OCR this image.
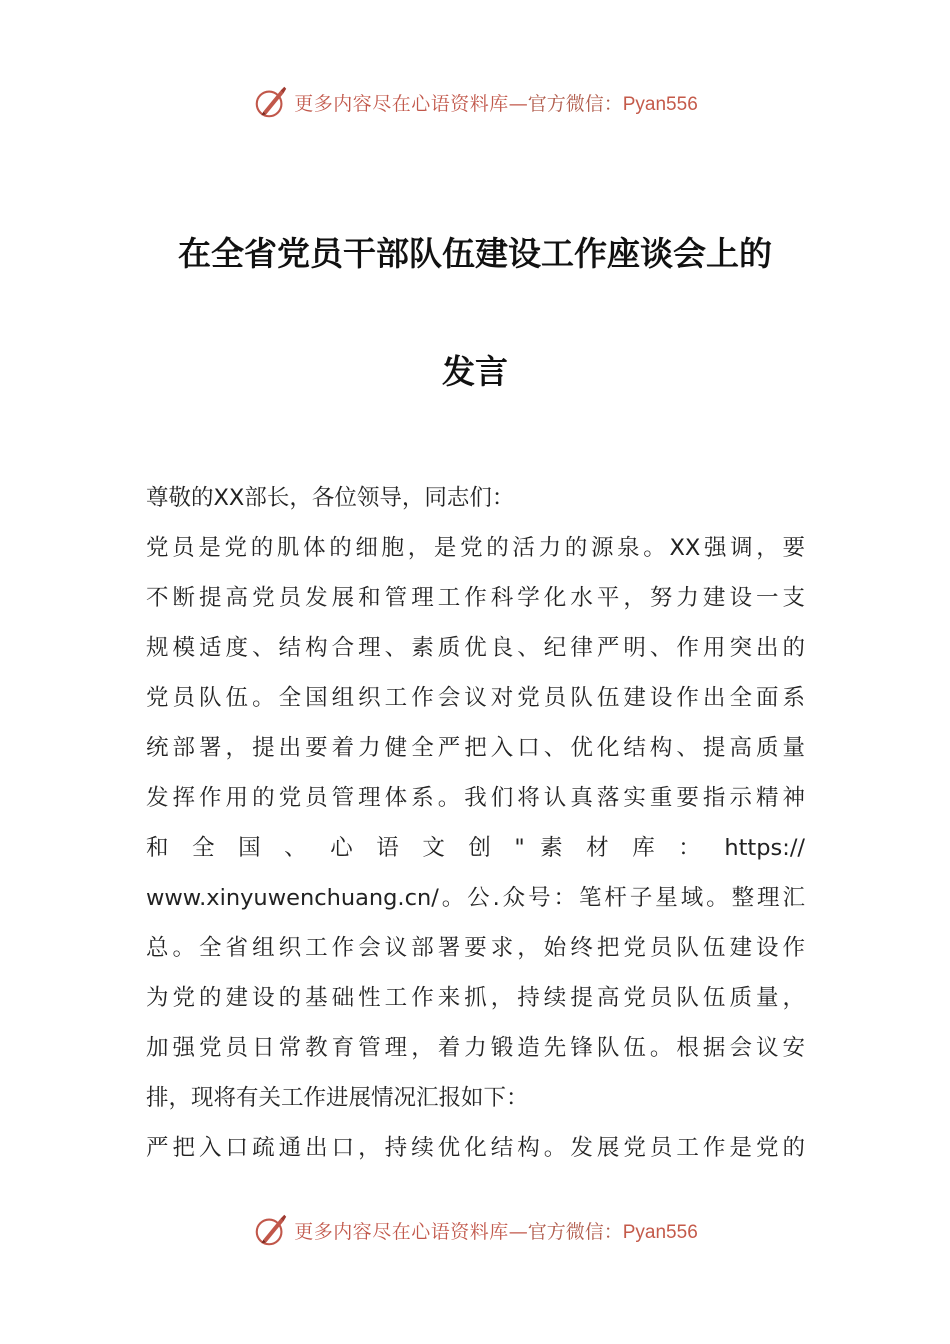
更多内容尽在心语资料库—官方微信：Pyan556
在全省党员干部队伍建设工作座谈会上的
发言
尊敬的XX部长，各位领导，同志们：
党员是党的肌体的细胞，是党的活力的源泉。XX强调，要
不断提高党员发展和管理工作科学化水平，努力建设一支
规模适度、结构合理、素质优良、纪律严明、作用突出的
党员队伍。全国组织工作会议对党员队伍建设作出全面系
统部署，提出要着力健全严把入口、优化结构、提高质量
发挥作用的党员管理体系。我们将认真落实重要指示精神
和 全 国 、 心 语 文 创 " 素 材 库 ： https://
www.xinyuwenchuang.cn/。公.众号：笔杆子星域。整理汇
总。全省组织工作会议部署要求，始终把党员队伍建设作
为党的建设的基础性工作来抓，持续提高党员队伍质量，
加强党员日常教育管理，着力锻造先锋队伍。根据会议安
排，现将有关工作进展情况汇报如下：
严把入口疏通出口，持续优化结构。发展党员工作是党的
更多内容尽在心语资料库—官方微信：Pyan556
